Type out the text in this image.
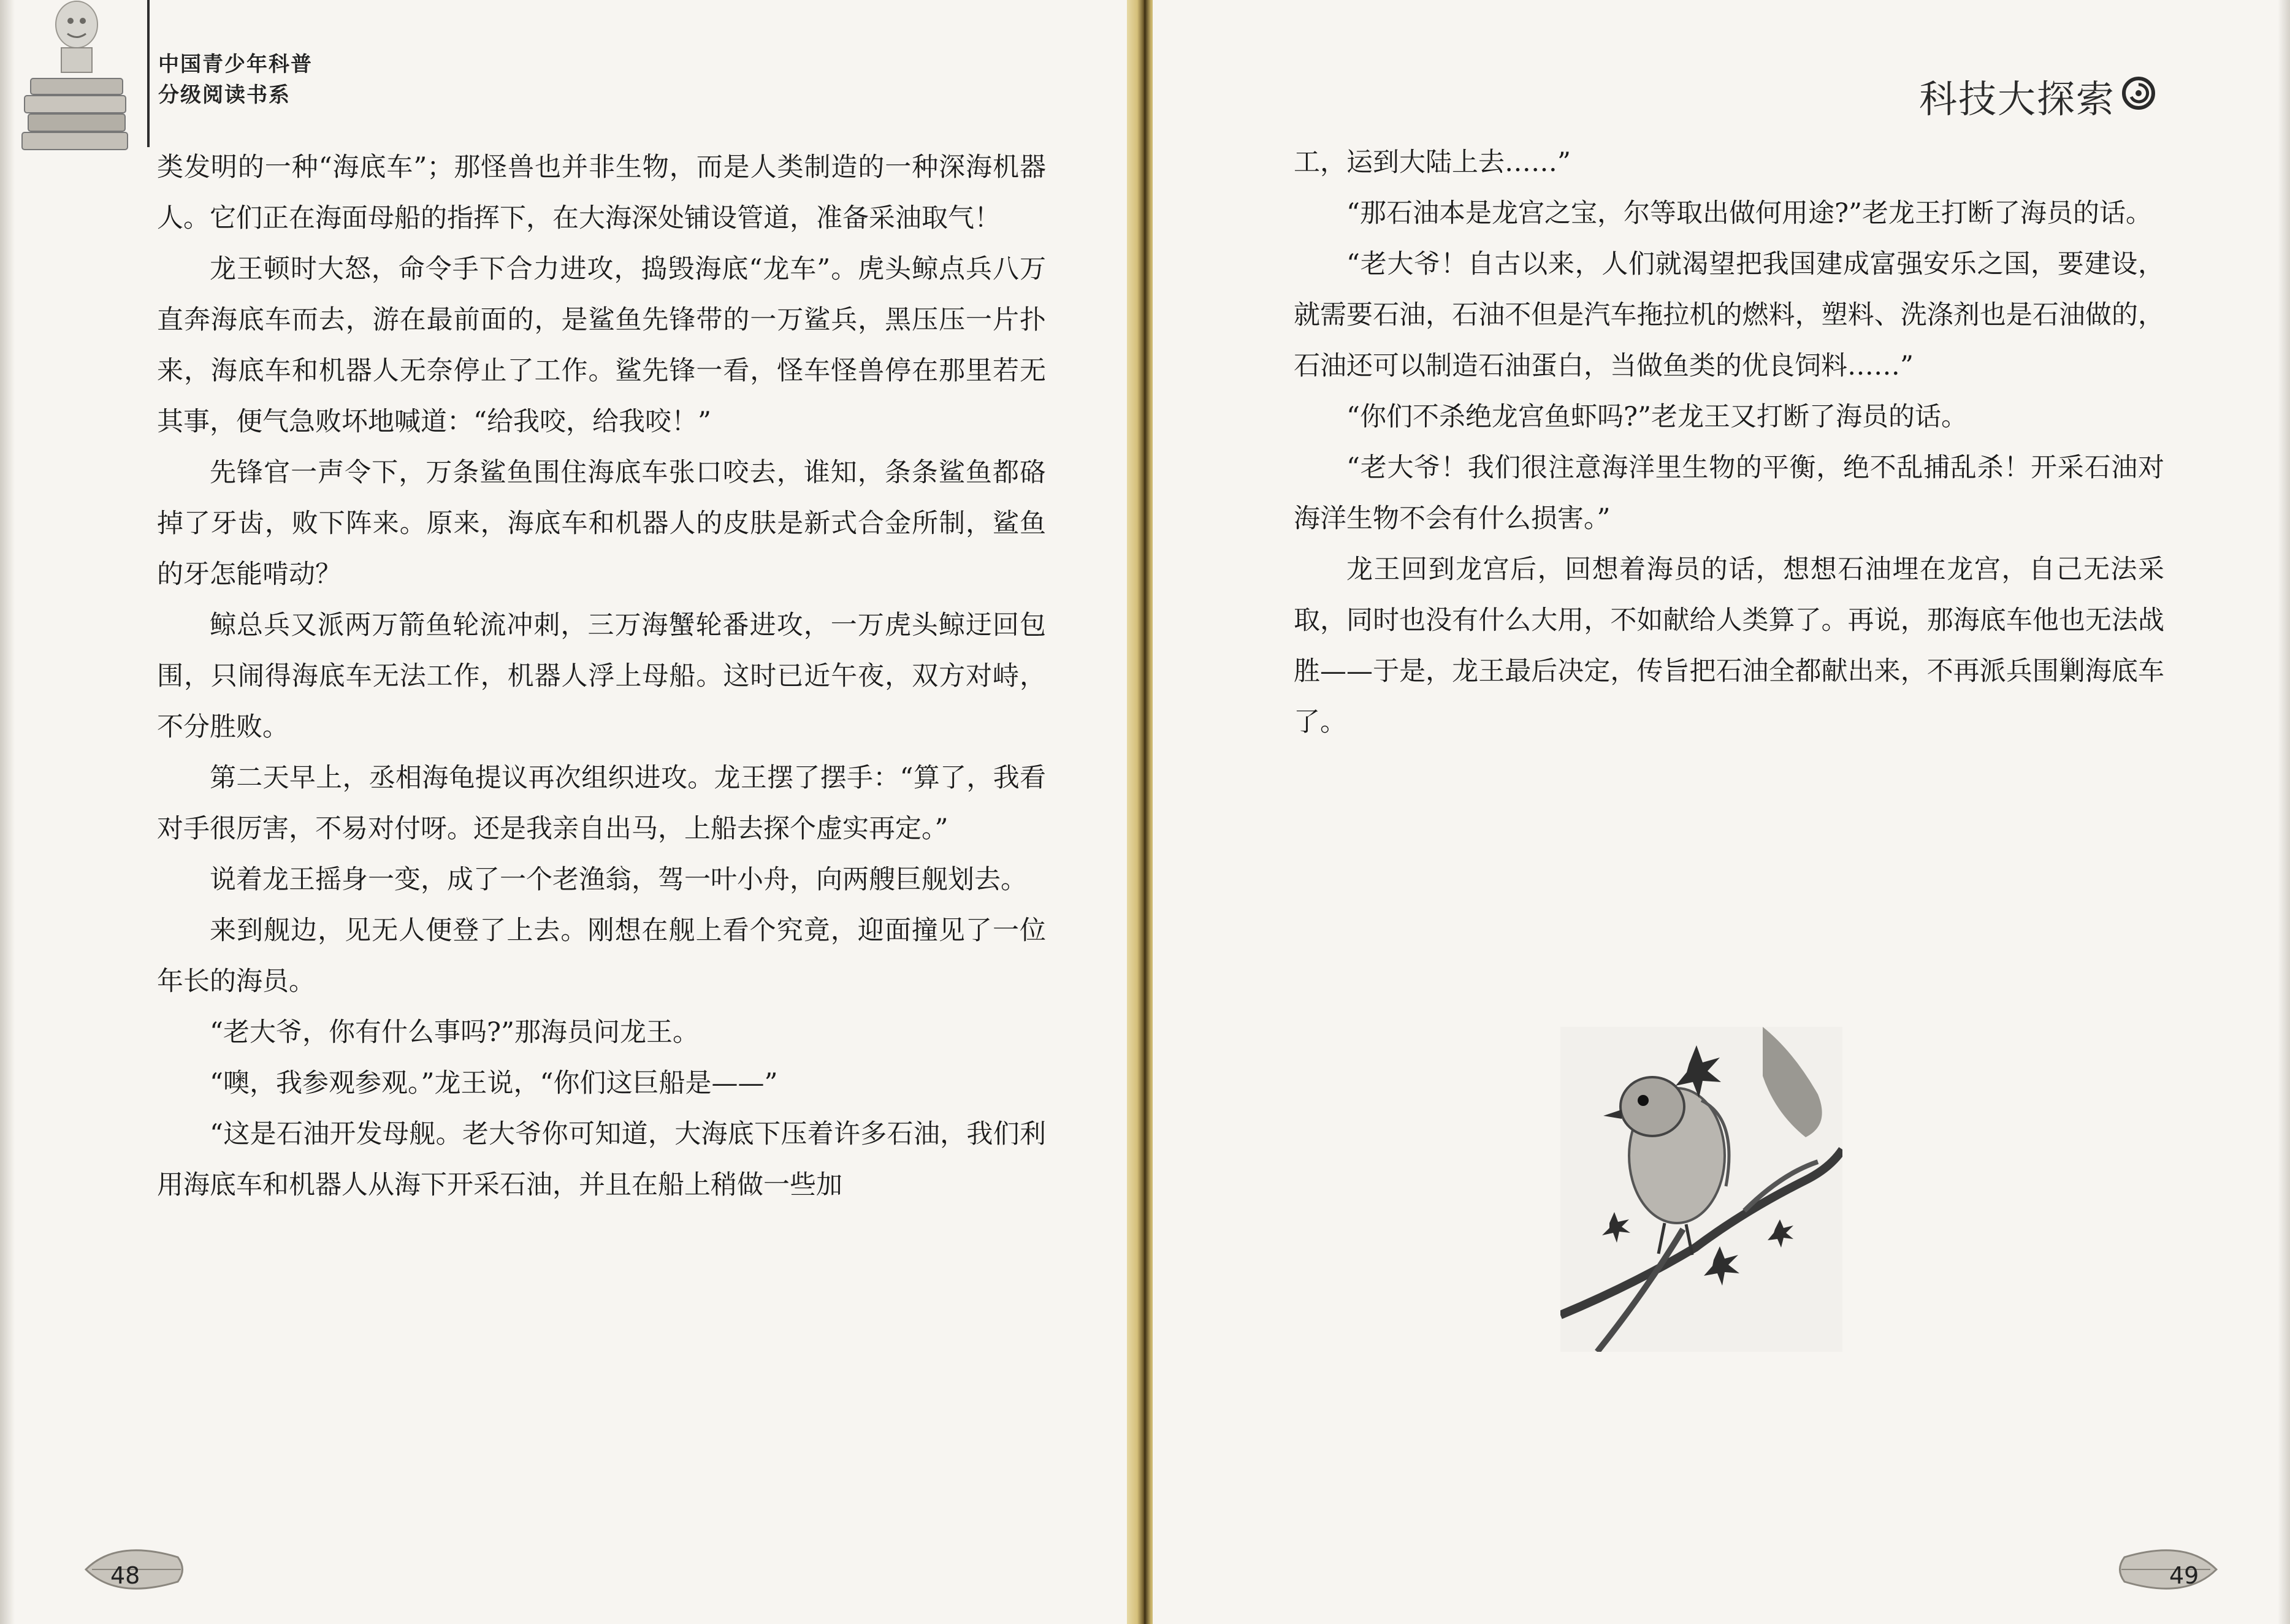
中国青少年科普
分级阅读书系

类发明的一种“海底车”；那怪兽也并非生物，而是人类制造的一种深海机器人。它们正在海面母船的指挥下，在大海深处铺设管道，准备采油取气！

龙王顿时大怒，命令手下合力进攻，捣毁海底“龙车”。虎头鲸点兵八万直奔海底车而去，游在最前面的，是鲨鱼先锋带的一万鲨兵，黑压压一片扑来，海底车和机器人无奈停止了工作。鲨先锋一看，怪车怪兽停在那里若无其事，便气急败坏地喊道：“给我咬，给我咬！”

先锋官一声令下，万条鲨鱼围住海底车张口咬去，谁知，条条鲨鱼都硌掉了牙齿，败下阵来。原来，海底车和机器人的皮肤是新式合金所制，鲨鱼的牙怎能啃动？

鲸总兵又派两万箭鱼轮流冲刺，三万海蟹轮番进攻，一万虎头鲸迂回包围，只闹得海底车无法工作，机器人浮上母船。这时已近午夜，双方对峙，不分胜败。

第二天早上，丞相海龟提议再次组织进攻。龙王摆了摆手：“算了，我看对手很厉害，不易对付呀。还是我亲自出马，上船去探个虚实再定。”

说着龙王摇身一变，成了一个老渔翁，驾一叶小舟，向两艘巨舰划去。

来到舰边，见无人便登了上去。刚想在舰上看个究竟，迎面撞见了一位年长的海员。

“老大爷，你有什么事吗?”那海员问龙王。

“噢，我参观参观。”龙王说，“你们这巨船是——”

“这是石油开发母舰。老大爷你可知道，大海底下压着许多石油，我们利用海底车和机器人从海下开采石油，并且在船上稍做一些加

48
科技大探索

工，运到大陆上去……”

“那石油本是龙宫之宝，尔等取出做何用途?”老龙王打断了海员的话。

“老大爷！自古以来，人们就渴望把我国建成富强安乐之国，要建设，就需要石油，石油不但是汽车拖拉机的燃料，塑料、洗涤剂也是石油做的，石油还可以制造石油蛋白，当做鱼类的优良饲料……”

“你们不杀绝龙宫鱼虾吗?”老龙王又打断了海员的话。

“老大爷！我们很注意海洋里生物的平衡，绝不乱捕乱杀！开采石油对海洋生物不会有什么损害。”

龙王回到龙宫后，回想着海员的话，想想石油埋在龙宫，自己无法采取，同时也没有什么大用，不如献给人类算了。再说，那海底车他也无法战胜——于是，龙王最后决定，传旨把石油全都献出来，不再派兵围剿海底车了。

49
